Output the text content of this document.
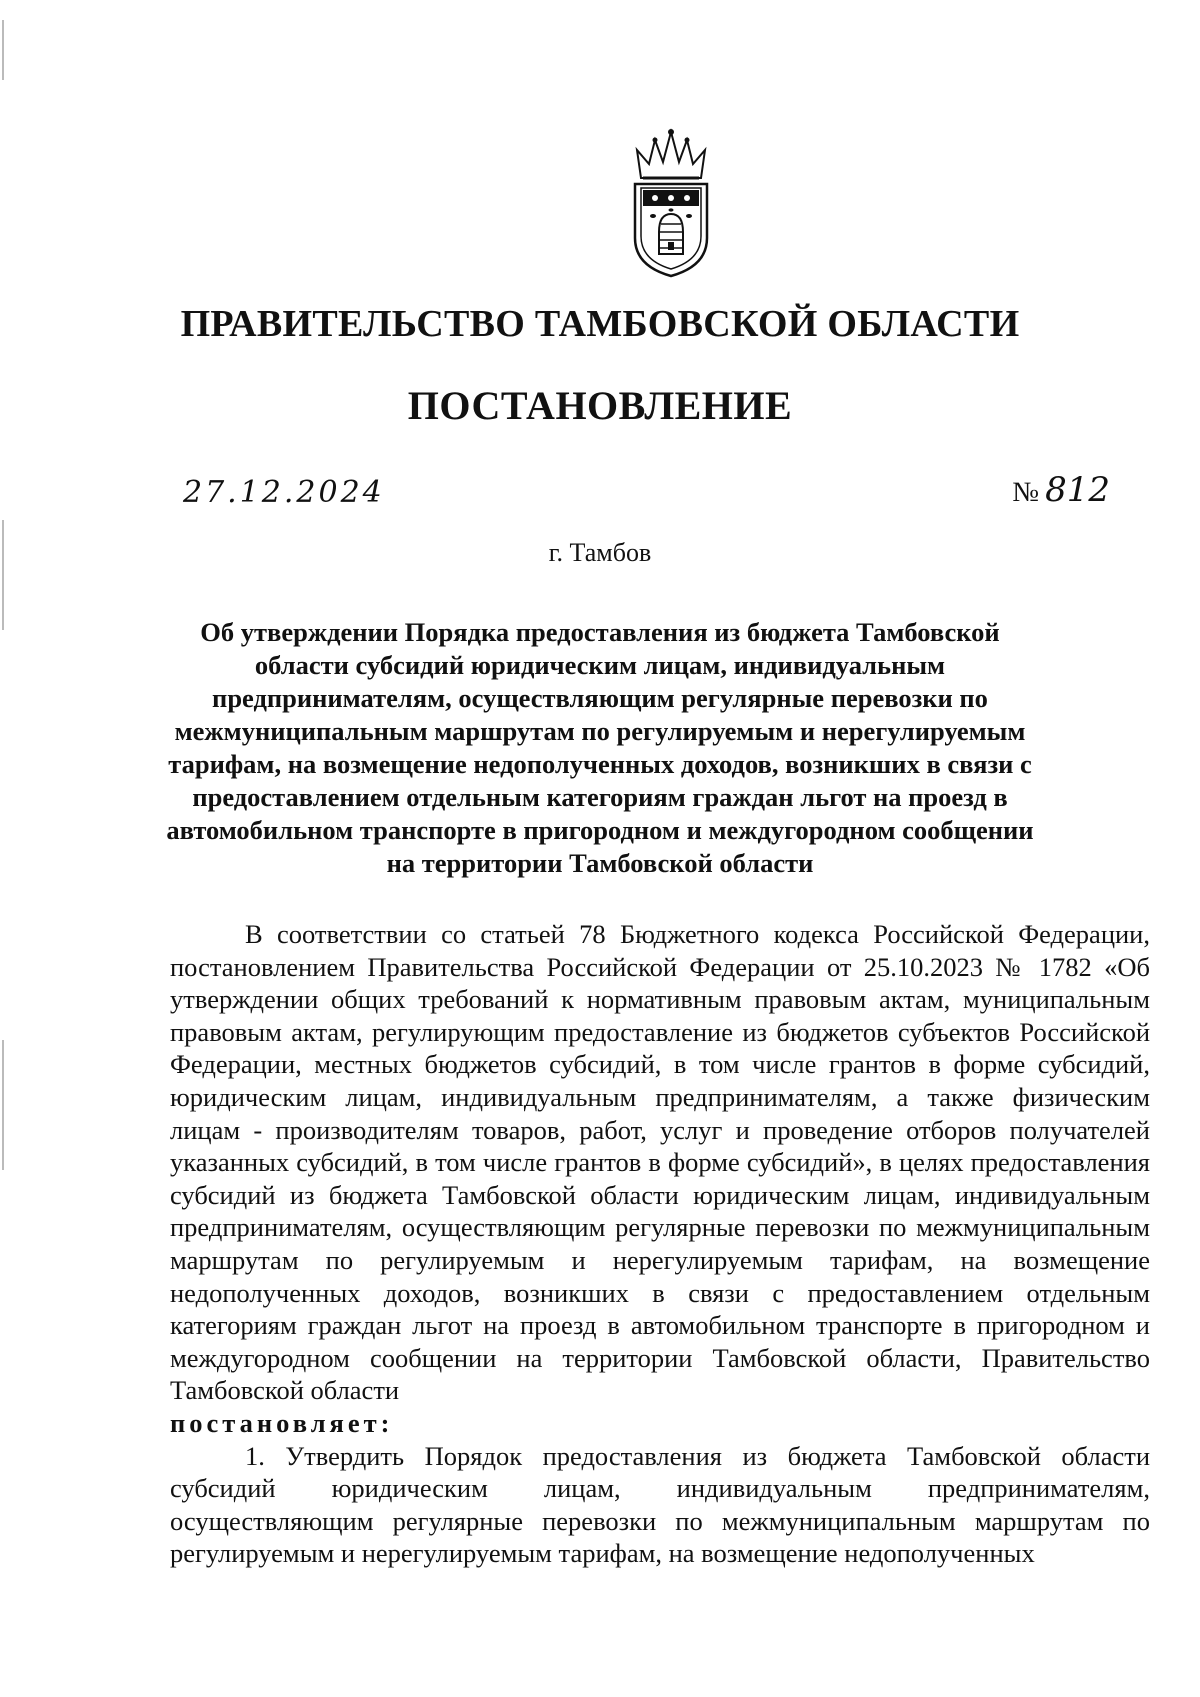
ПРАВИТЕЛЬСТВО ТАМБОВСКОЙ ОБЛАСТИ
ПОСТАНОВЛЕНИЕ
27.12.2024	№ 812
г. Тамбов
Об утверждении Порядка предоставления из бюджета Тамбовской области субсидий юридическим лицам, индивидуальным предпринимателям, осуществляющим регулярные перевозки по межмуниципальным маршрутам по регулируемым и нерегулируемым тарифам, на возмещение недополученных доходов, возникших в связи с предоставлением отдельным категориям граждан льгот на проезд в автомобильном транспорте в пригородном и междугородном сообщении на территории Тамбовской области

В соответствии со статьей 78 Бюджетного кодекса Российской Федерации, постановлением Правительства Российской Федерации от 25.10.2023 № 1782 «Об утверждении общих требований к нормативным правовым актам, муниципальным правовым актам, регулирующим предоставление из бюджетов субъектов Российской Федерации, местных бюджетов субсидий, в том числе грантов в форме субсидий, юридическим лицам, индивидуальным предпринимателям, а также физическим лицам - производителям товаров, работ, услуг и проведение отборов получателей указанных субсидий, в том числе грантов в форме субсидий», в целях предоставления субсидий из бюджета Тамбовской области юридическим лицам, индивидуальным предпринимателям, осуществляющим регулярные перевозки по межмуниципальным маршрутам по регулируемым и нерегулируемым тарифам, на возмещение недополученных доходов, возникших в связи с предоставлением отдельным категориям граждан льгот на проезд в автомобильном транспорте в пригородном и междугородном сообщении на территории Тамбовской области, Правительство Тамбовской области

постановляет:

1. Утвердить Порядок предоставления из бюджета Тамбовской области субсидий юридическим лицам, индивидуальным предпринимателям, осуществляющим регулярные перевозки по межмуниципальным маршрутам по регулируемым и нерегулируемым тарифам, на возмещение недополученных
